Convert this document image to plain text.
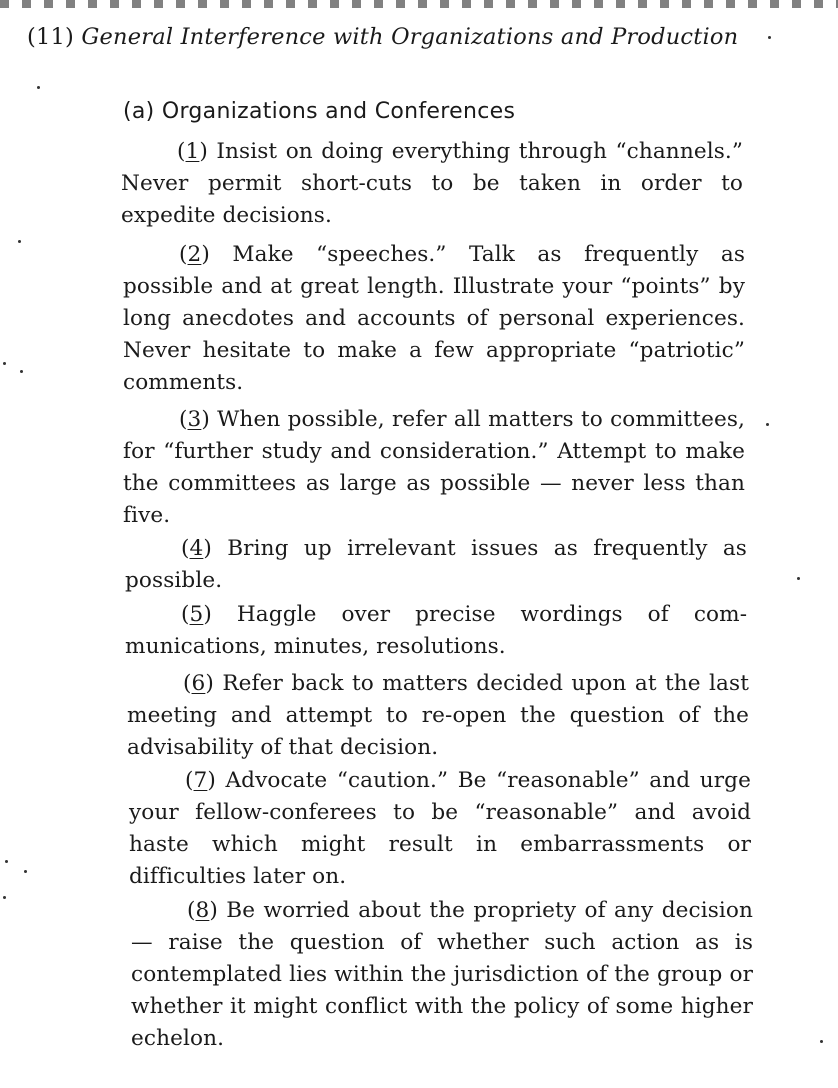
(11) General Interference with Organizations and Production
(a) Organizations and Conferences

(1) Insist on doing everything through “channels.” Never permit short-cuts to be taken in order to expedite decisions.

(2) Make “speeches.” Talk as frequently as possible and at great length. Illustrate your “points” by long anecdotes and accounts of personal experiences. Never hesitate to make a few appropriate “patriotic” comments.

(3) When possible, refer all matters to committees, for “further study and consideration.” Attempt to make the committees as large as possible — never less than five.

(4) Bring up irrelevant issues as frequently as possible.

(5) Haggle over precise wordings of communications, minutes, resolutions.

(6) Refer back to matters decided upon at the last meeting and attempt to re-open the question of the advisability of that decision.

(7) Advocate “caution.” Be “reasonable” and urge your fellow-conferees to be “reasonable” and avoid haste which might result in embarrassments or difficulties later on.

(8) Be worried about the propriety of any decision — raise the question of whether such action as is contemplated lies within the jurisdiction of the group or whether it might conflict with the policy of some higher echelon.
